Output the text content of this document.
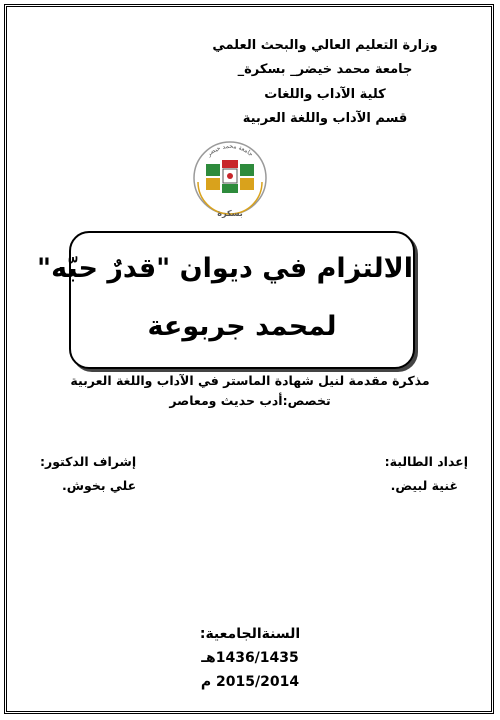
وزارة التعليم العالي والبحث العلمي
جامعة محمد خيضر_ بسكرة_
كلية الآداب واللغات
قسم الآداب واللغة العربية
جامعة محمد خيضر
بسكرة
الالتزام في ديوان "قدرٌ حبّه"
لمحمد جربوعة
مذكرة مقدمة لنيل شهادة الماستر في الآداب واللغة العربية
تخصص:أدب حديث ومعاصر
إعداد الطالبة:
غنية لبيض.
إشراف الدكتور:
علي بخوش.
السنةالجامعية:
1436/1435هـ
2015/2014 م
